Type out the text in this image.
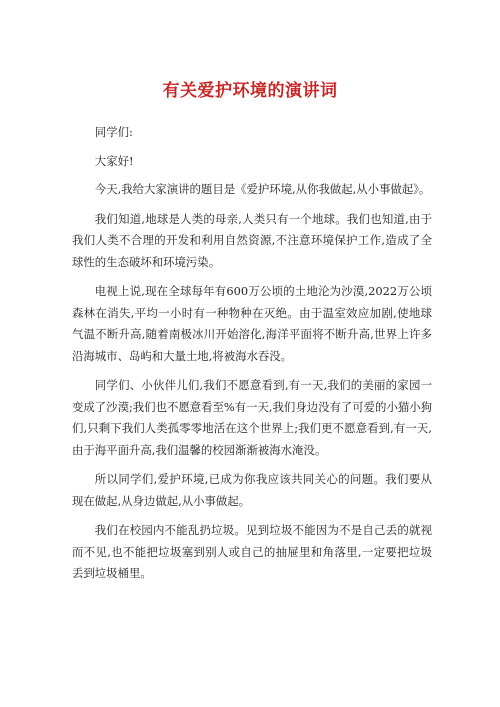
有关爱护环境的演讲词

同学们:

大家好!

今天,我给大家演讲的题目是《爱护环境,从你我做起,从小事做起》。

我们知道,地球是人类的母亲,人类只有一个地球。我们也知道,由于我们人类不合理的开发和利用自然资源,不注意环境保护工作,造成了全球性的生态破坏和环境污染。

电视上说,现在全球每年有600万公顷的土地沦为沙漠,2022万公顷森林在消失,平均一小时有一种物种在灭绝。由于温室效应加剧,使地球气温不断升高,随着南极冰川开始溶化,海洋平面将不断升高,世界上许多沿海城市、岛屿和大量土地,将被海水吞没。

同学们、小伙伴儿们,我们不愿意看到,有一天,我们的美丽的家园一变成了沙漠;我们也不愿意看至%有一天,我们身边没有了可爱的小猫小狗们,只剩下我们人类孤零零地活在这个世界上;我们更不愿意看到,有一天,由于海平面升高,我们温馨的校园渐渐被海水淹没。

所以同学们,爱护环境,已成为你我应该共同关心的问题。我们要从现在做起,从身边做起,从小事做起。

我们在校园内不能乱扔垃圾。见到垃圾不能因为不是自己丢的就视而不见,也不能把垃圾塞到别人或自己的抽屉里和角落里,一定要把垃圾丢到垃圾桶里。
